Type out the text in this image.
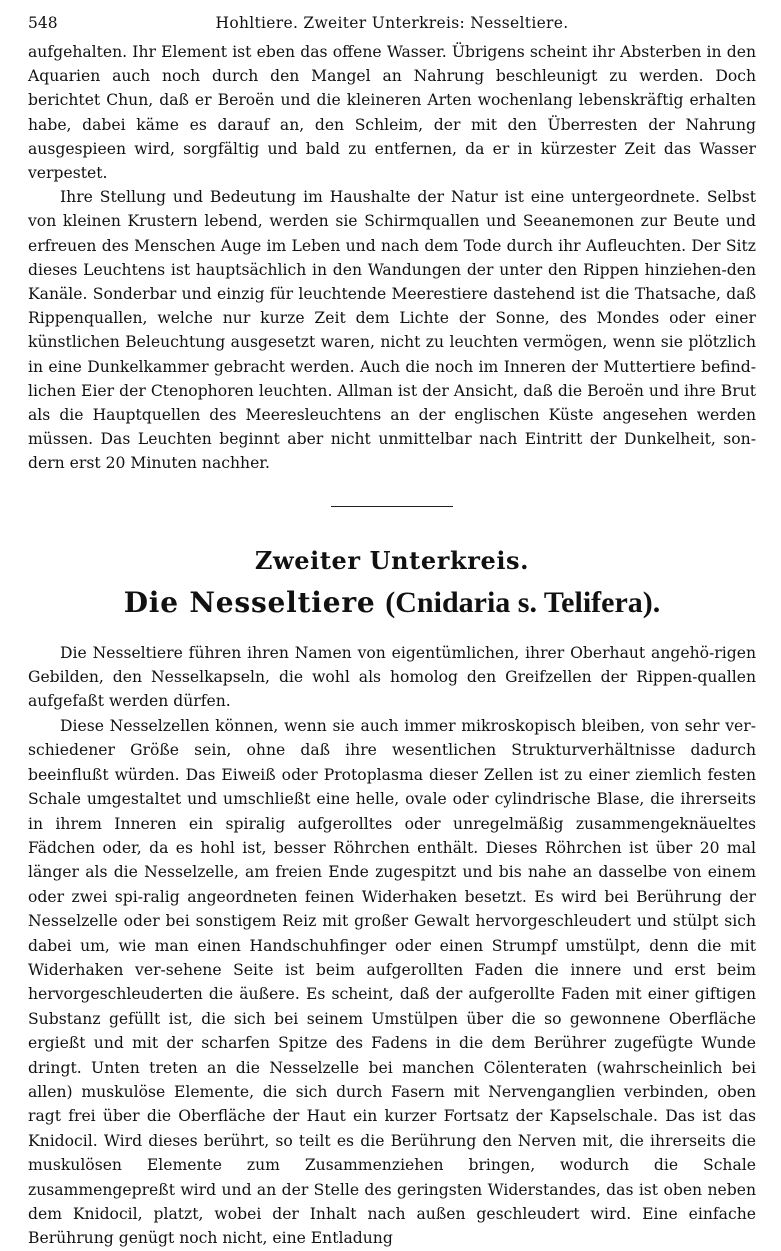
548	Hohltiere. Zweiter Unterkreis: Nesseltiere.

aufgehalten. Ihr Element ist eben das offene Wasser. Übrigens scheint ihr Absterben in den Aquarien auch noch durch den Mangel an Nahrung beschleunigt zu werden. Doch berichtet Chun, daß er Beroën und die kleineren Arten wochenlang lebenskräftig erhalten habe, dabei käme es darauf an, den Schleim, der mit den Überresten der Nahrung ausgespieen wird, sorgfältig und bald zu entfernen, da er in kürzester Zeit das Wasser verpestet.

Ihre Stellung und Bedeutung im Haushalte der Natur ist eine untergeordnete. Selbst von kleinen Krustern lebend, werden sie Schirmquallen und Seeanemonen zur Beute und erfreuen des Menschen Auge im Leben und nach dem Tode durch ihr Aufleuchten. Der Sitz dieses Leuchtens ist hauptsächlich in den Wandungen der unter den Rippen hinziehen-den Kanäle. Sonderbar und einzig für leuchtende Meerestiere dastehend ist die Thatsache, daß Rippenquallen, welche nur kurze Zeit dem Lichte der Sonne, des Mondes oder einer künstlichen Beleuchtung ausgesetzt waren, nicht zu leuchten vermögen, wenn sie plötzlich in eine Dunkelkammer gebracht werden. Auch die noch im Inneren der Muttertiere befind-lichen Eier der Ctenophoren leuchten. Allman ist der Ansicht, daß die Beroën und ihre Brut als die Hauptquellen des Meeresleuchtens an der englischen Küste angesehen werden müssen. Das Leuchten beginnt aber nicht unmittelbar nach Eintritt der Dunkelheit, son-dern erst 20 Minuten nachher.

Zweiter Unterkreis.
Die Nesseltiere (Cnidaria s. Telifera).

Die Nesseltiere führen ihren Namen von eigentümlichen, ihrer Oberhaut angehö-rigen Gebilden, den Nesselkapseln, die wohl als homolog den Greifzellen der Rippen-quallen aufgefaßt werden dürfen.

Diese Nesselzellen können, wenn sie auch immer mikroskopisch bleiben, von sehr ver-schiedener Größe sein, ohne daß ihre wesentlichen Strukturverhältnisse dadurch beeinflußt würden. Das Eiweiß oder Protoplasma dieser Zellen ist zu einer ziemlich festen Schale umgestaltet und umschließt eine helle, ovale oder cylindrische Blase, die ihrerseits in ihrem Inneren ein spiralig aufgerolltes oder unregelmäßig zusammengeknäueltes Fädchen oder, da es hohl ist, besser Röhrchen enthält. Dieses Röhrchen ist über 20 mal länger als die Nesselzelle, am freien Ende zugespitzt und bis nahe an dasselbe von einem oder zwei spi-ralig angeordneten feinen Widerhaken besetzt. Es wird bei Berührung der Nesselzelle oder bei sonstigem Reiz mit großer Gewalt hervorgeschleudert und stülpt sich dabei um, wie man einen Handschuhfinger oder einen Strumpf umstülpt, denn die mit Widerhaken ver-sehene Seite ist beim aufgerollten Faden die innere und erst beim hervorgeschleuderten die äußere. Es scheint, daß der aufgerollte Faden mit einer giftigen Substanz gefüllt ist, die sich bei seinem Umstülpen über die so gewonnene Oberfläche ergießt und mit der scharfen Spitze des Fadens in die dem Berührer zugefügte Wunde dringt. Unten treten an die Nesselzelle bei manchen Cölenteraten (wahrscheinlich bei allen) muskulöse Elemente, die sich durch Fasern mit Nervenganglien verbinden, oben ragt frei über die Oberfläche der Haut ein kurzer Fortsatz der Kapselschale. Das ist das Knidocil. Wird dieses berührt, so teilt es die Berührung den Nerven mit, die ihrerseits die muskulösen Elemente zum Zusammenziehen bringen, wodurch die Schale zusammengepreßt wird und an der Stelle des geringsten Widerstandes, das ist oben neben dem Knidocil, platzt, wobei der Inhalt nach außen geschleudert wird. Eine einfache Berührung genügt noch nicht, eine Entladung
